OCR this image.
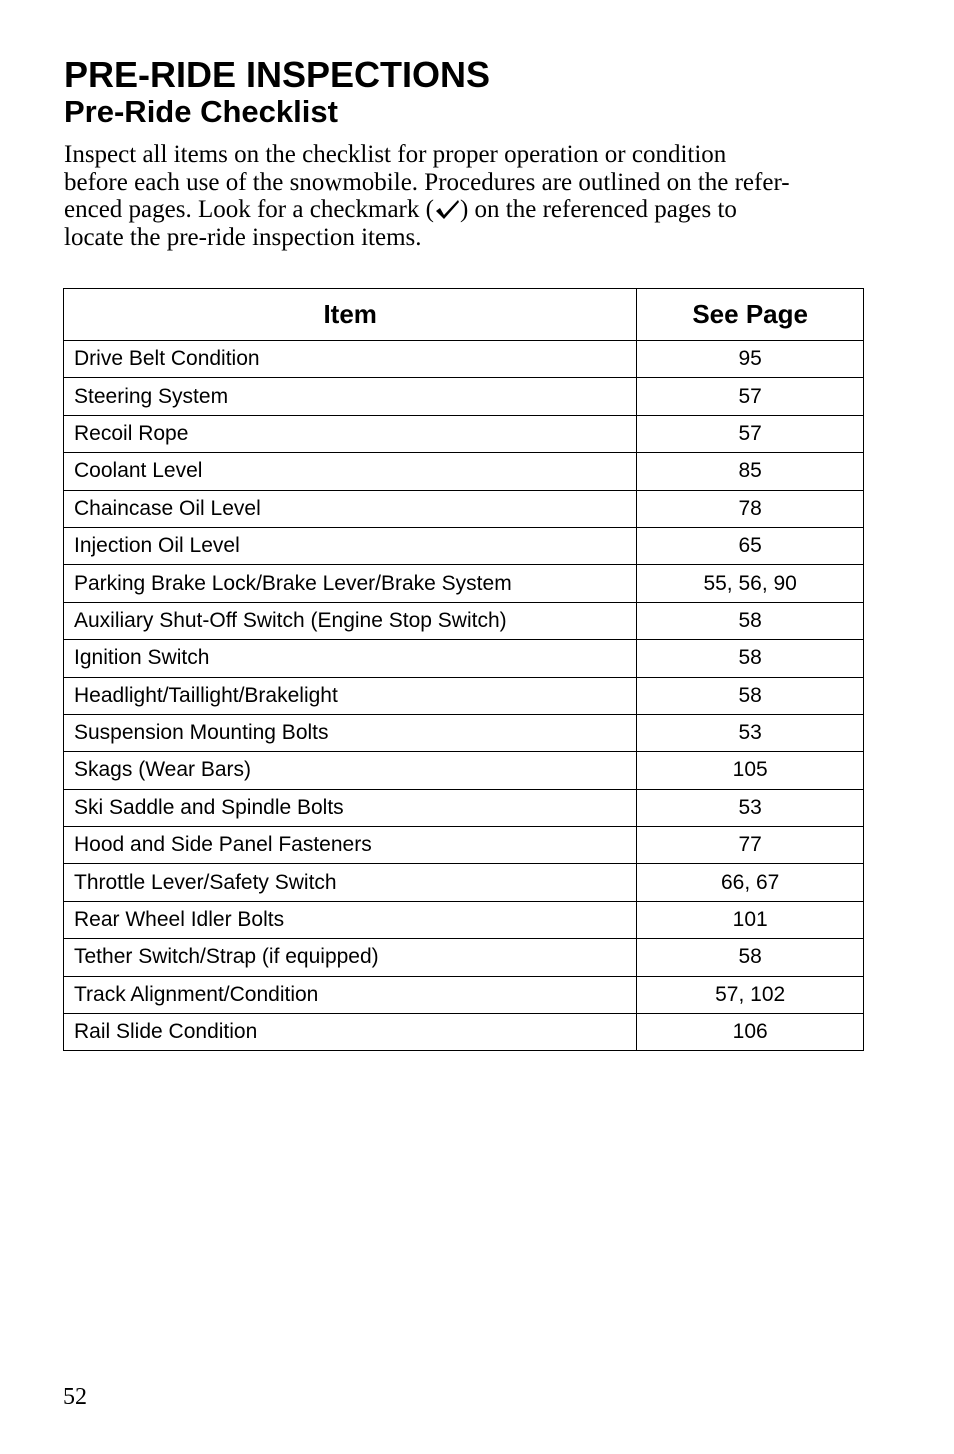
PRE-RIDE INSPECTIONS
Pre-Ride Checklist

Inspect all items on the checklist for proper operation or condition
before each use of the snowmobile. Procedures are outlined on the refer-
enced pages. Look for a checkmark ( ) on the referenced pages to
locate the pre-ride inspection items.

Item	See Page
Drive Belt Condition	95
Steering System	57
Recoil Rope	57
Coolant Level	85
Chaincase Oil Level	78
Injection Oil Level	65
Parking Brake Lock/Brake Lever/Brake System	55, 56, 90
Auxiliary Shut-Off Switch (Engine Stop Switch)	58
Ignition Switch	58
Headlight/Taillight/Brakelight	58
Suspension Mounting Bolts	53
Skags (Wear Bars)	105
Ski Saddle and Spindle Bolts	53
Hood and Side Panel Fasteners	77
Throttle Lever/Safety Switch	66, 67
Rear Wheel Idler Bolts	101
Tether Switch/Strap (if equipped)	58
Track Alignment/Condition	57, 102
Rail Slide Condition	106
52
